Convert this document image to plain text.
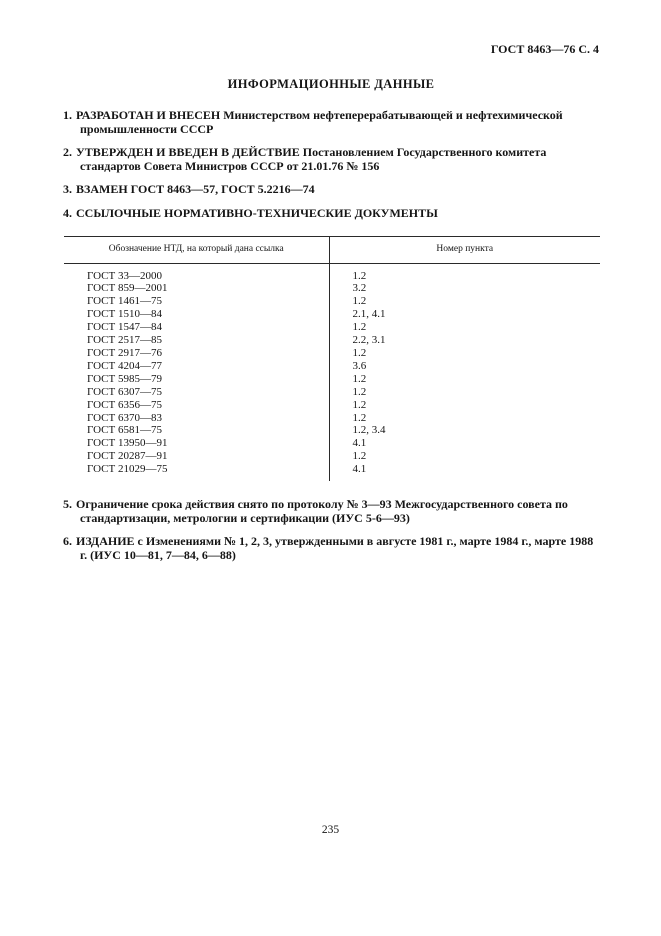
ГОСТ 8463—76 С. 4
ИНФОРМАЦИОННЫЕ ДАННЫЕ
1. РАЗРАБОТАН И ВНЕСЕН Министерством нефтеперерабатывающей и нефтехимической промышленности СССР
2. УТВЕРЖДЕН И ВВЕДЕН В ДЕЙСТВИЕ Постановлением Государственного комитета стандартов Совета Министров СССР от 21.01.76 № 156
3. ВЗАМЕН ГОСТ 8463—57, ГОСТ 5.2216—74
4. ССЫЛОЧНЫЕ НОРМАТИВНО-ТЕХНИЧЕСКИЕ ДОКУМЕНТЫ
Обозначение НТД, на который дана ссылка	Номер пункта
ГОСТ 33—2000	1.2
ГОСТ 859—2001	3.2
ГОСТ 1461—75	1.2
ГОСТ 1510—84	2.1, 4.1
ГОСТ 1547—84	1.2
ГОСТ 2517—85	2.2, 3.1
ГОСТ 2917—76	1.2
ГОСТ 4204—77	3.6
ГОСТ 5985—79	1.2
ГОСТ 6307—75	1.2
ГОСТ 6356—75	1.2
ГОСТ 6370—83	1.2
ГОСТ 6581—75	1.2, 3.4
ГОСТ 13950—91	4.1
ГОСТ 20287—91	1.2
ГОСТ 21029—75	4.1
5. Ограничение срока действия снято по протоколу № 3—93 Межгосударственного совета по стандартизации, метрологии и сертификации (ИУС 5-6—93)
6. ИЗДАНИЕ с Изменениями № 1, 2, 3, утвержденными в августе 1981 г., марте 1984 г., марте 1988 г. (ИУС 10—81, 7—84, 6—88)
235
